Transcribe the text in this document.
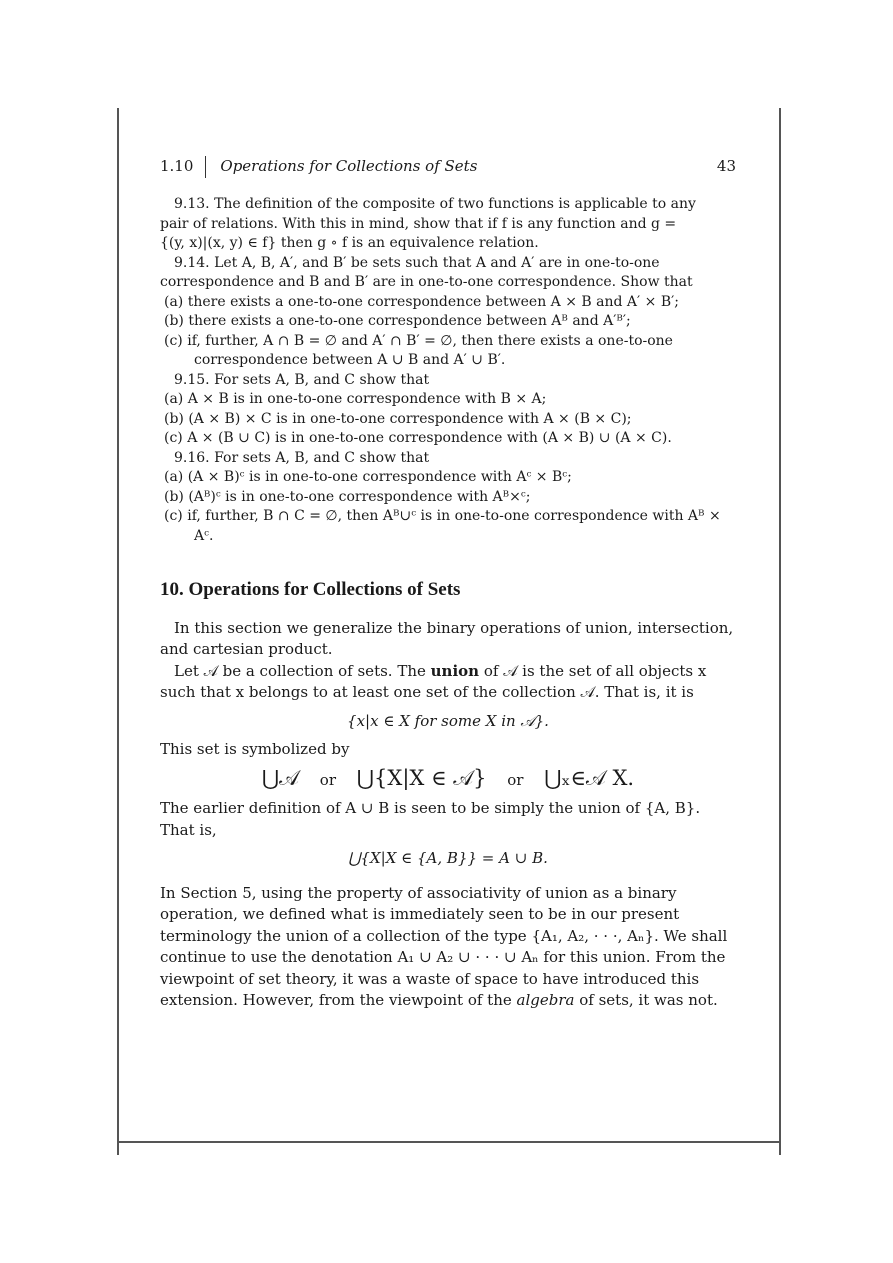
1.10 Operations for Collections of Sets	43

9.13. The definition of the composite of two functions is applicable to any

pair of relations. With this in mind, show that if f is any function and g =

{(y, x)|(x, y) ∈ f} then g ∘ f is an equivalence relation.

9.14. Let A, B, A′, and B′ be sets such that A and A′ are in one-to-one

correspondence and B and B′ are in one-to-one correspondence. Show that

(a) there exists a one-to-one correspondence between A × B and A′ × B′;

(b) there exists a one-to-one correspondence between Aᴮ and A′ᴮ′;

(c) if, further, A ∩ B = ∅ and A′ ∩ B′ = ∅, then there exists a one-to-one correspondence between A ∪ B and A′ ∪ B′.

9.15. For sets A, B, and C show that

(a) A × B is in one-to-one correspondence with B × A;

(b) (A × B) × C is in one-to-one correspondence with A × (B × C);

(c) A × (B ∪ C) is in one-to-one correspondence with (A × B) ∪ (A × C).

9.16. For sets A, B, and C show that

(a) (A × B)ᶜ is in one-to-one correspondence with Aᶜ × Bᶜ;

(b) (Aᴮ)ᶜ is in one-to-one correspondence with Aᴮ×ᶜ;

(c) if, further, B ∩ C = ∅, then Aᴮ∪ᶜ is in one-to-one correspondence with Aᴮ × Aᶜ.

10. Operations for Collections of Sets

In this section we generalize the binary operations of union, intersection, and cartesian product.

Let 𝒜 be a collection of sets. The union of 𝒜 is the set of all objects x such that x belongs to at least one set of the collection 𝒜. That is, it is

{x|x ∈ X for some X in 𝒜}.

This set is symbolized by

⋃𝒜 or ⋃{X|X ∈ 𝒜} or ⋃ₓ∈𝒜 X.

The earlier definition of A ∪ B is seen to be simply the union of {A, B}. That is,

⋃{X|X ∈ {A, B}} = A ∪ B.

In Section 5, using the property of associativity of union as a binary operation, we defined what is immediately seen to be in our present terminology the union of a collection of the type {A₁, A₂, · · ·, Aₙ}. We shall continue to use the denotation A₁ ∪ A₂ ∪ · · · ∪ Aₙ for this union. From the viewpoint of set theory, it was a waste of space to have introduced this extension. However, from the viewpoint of the algebra of sets, it was not.
